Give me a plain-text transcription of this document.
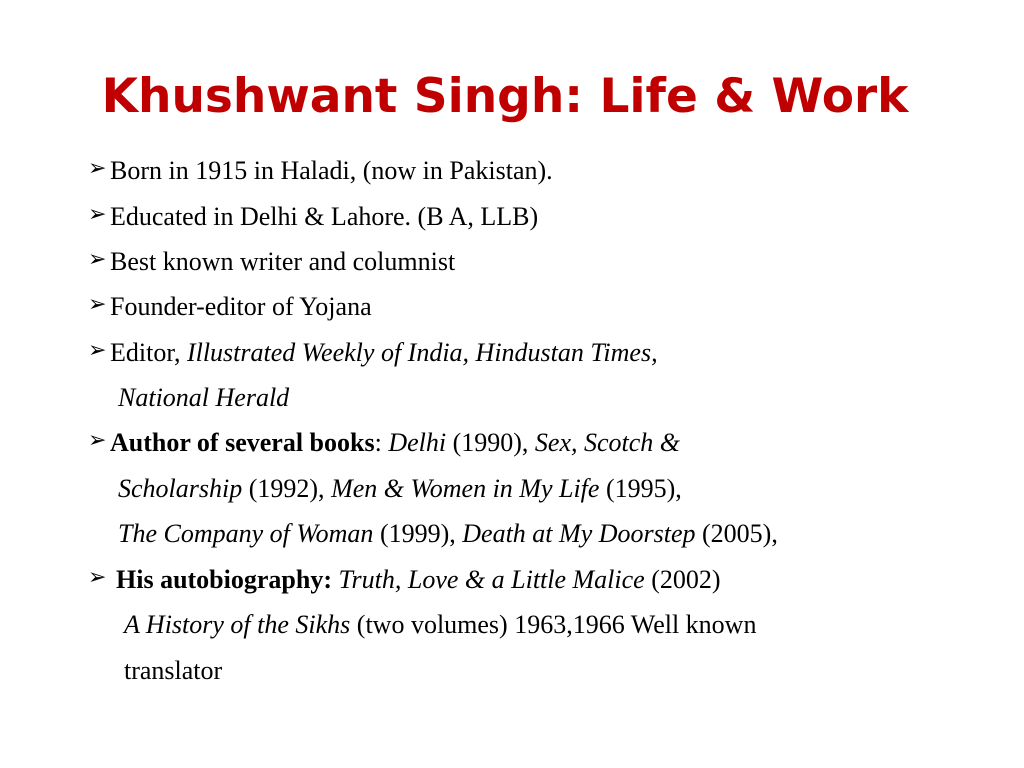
Khushwant Singh: Life & Work
➢ Born in 1915 in Haladi, (now in Pakistan).
➢ Educated in Delhi & Lahore. (B A, LLB)
➢ Best known writer and columnist
➢ Founder-editor of Yojana
➢ Editor, Illustrated Weekly of India, Hindustan Times,
National Herald
➢ Author of several books: Delhi (1990), Sex, Scotch &
Scholarship (1992), Men & Women in My Life (1995),
The Company of Woman (1999), Death at My Doorstep (2005),
➢ His autobiography: Truth, Love & a Little Malice (2002)
A History of the Sikhs (two volumes) 1963,1966 Well known
translator
